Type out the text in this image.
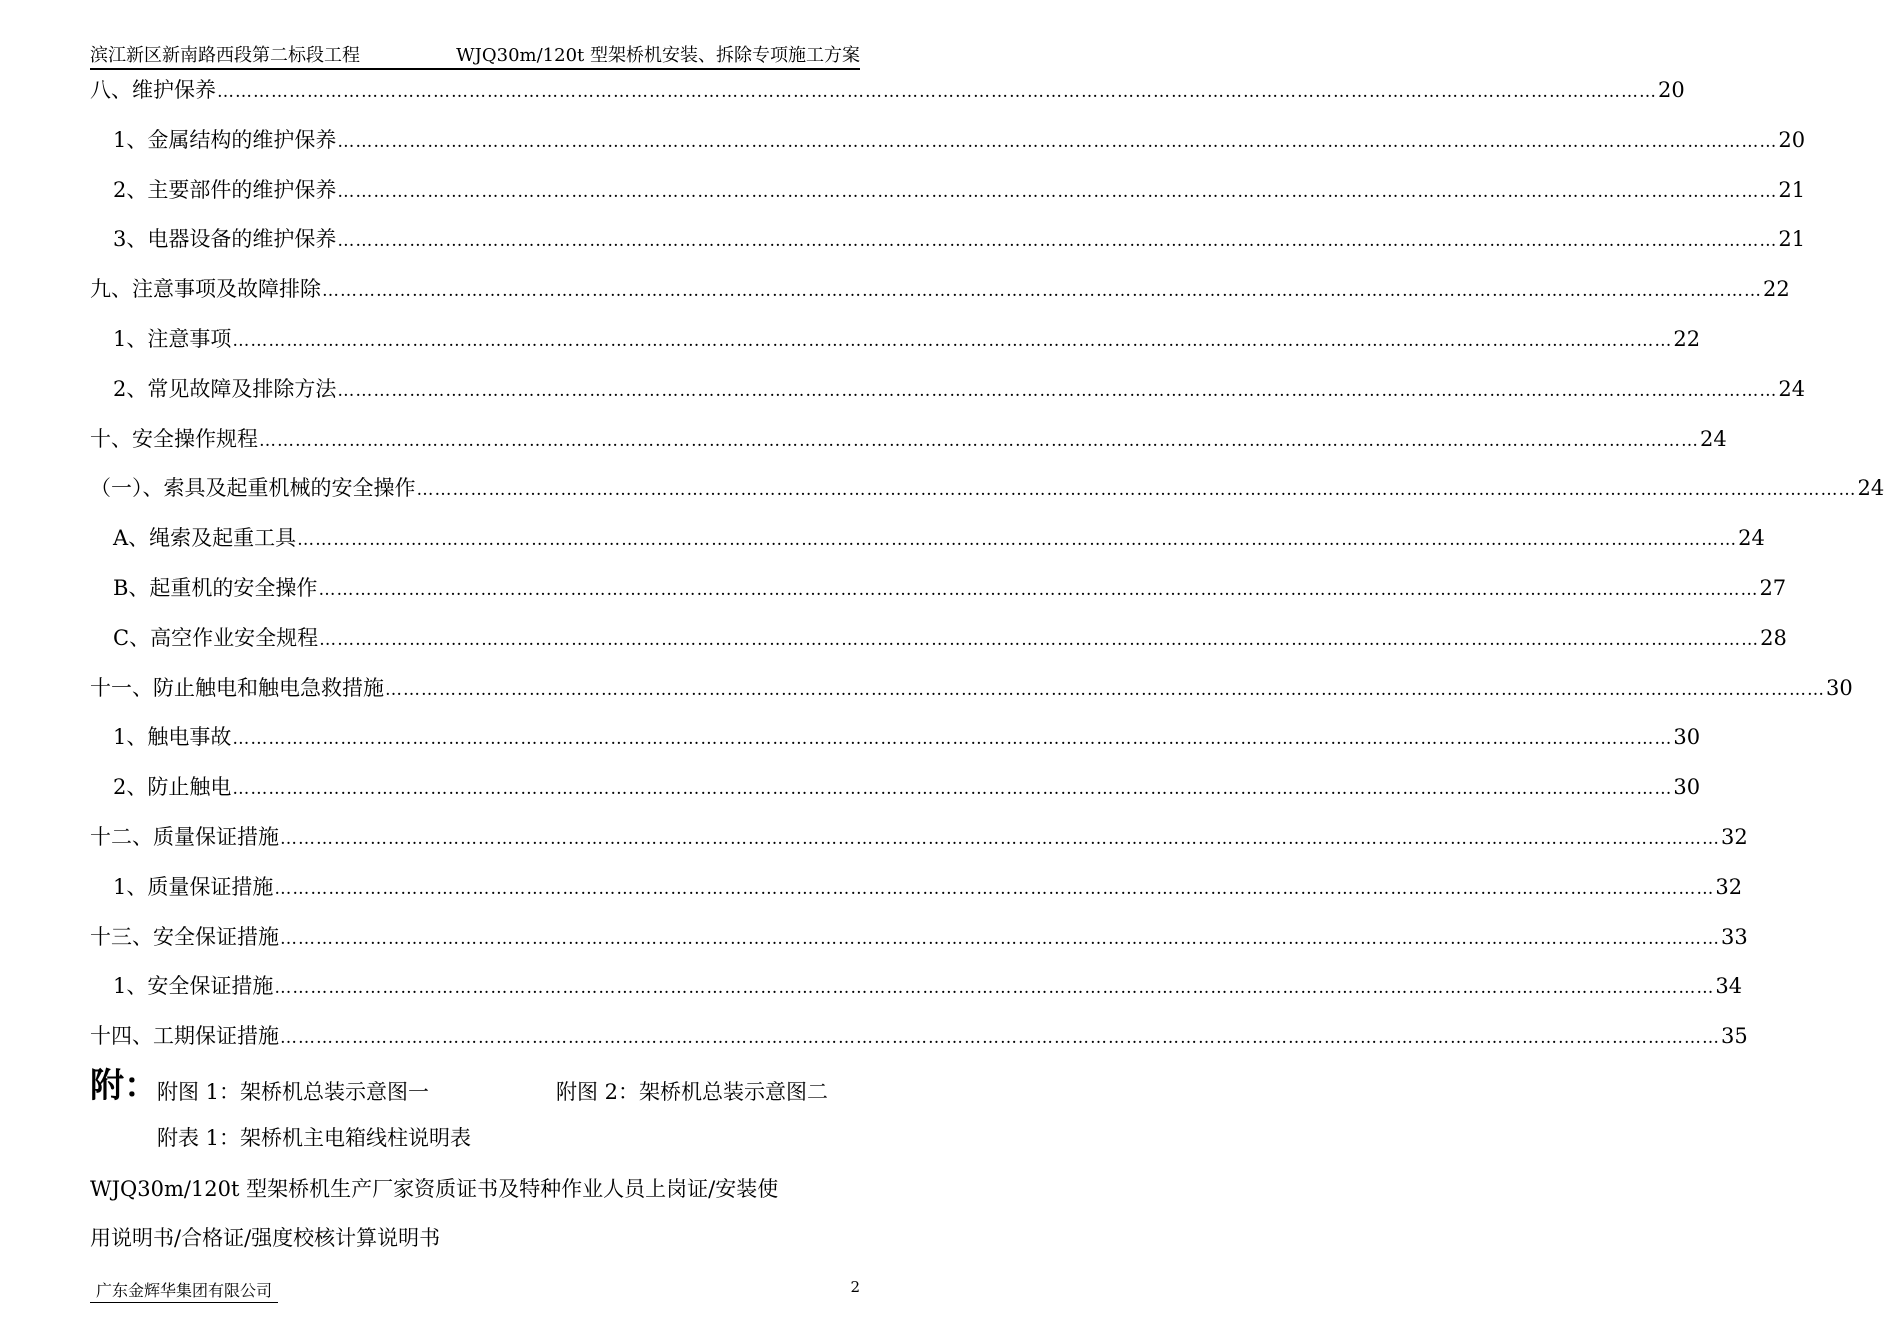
滨江新区新南路西段第二标段工程	WJQ30m/120t 型架桥机安装、拆除专项施工方案
八、维护保养 …………………………………………………………………………………………………………………………………………………………………………………………………………………… 20
1、金属结构的维护保养 …………………………………………………………………………………………………………………………………………………………………………………………………………………… 20
2、主要部件的维护保养 …………………………………………………………………………………………………………………………………………………………………………………………………………………… 21
3、电器设备的维护保养 …………………………………………………………………………………………………………………………………………………………………………………………………………………… 21
九、注意事项及故障排除 …………………………………………………………………………………………………………………………………………………………………………………………………………………… 22
1、注意事项 …………………………………………………………………………………………………………………………………………………………………………………………………………………… 22
2、常见故障及排除方法 …………………………………………………………………………………………………………………………………………………………………………………………………………………… 24
十、安全操作规程 …………………………………………………………………………………………………………………………………………………………………………………………………………………… 24
（一）、索具及起重机械的安全操作 …………………………………………………………………………………………………………………………………………………………………………………………………………………… 24
A、绳索及起重工具 …………………………………………………………………………………………………………………………………………………………………………………………………………………… 24
B、起重机的安全操作 …………………………………………………………………………………………………………………………………………………………………………………………………………………… 27
C、高空作业安全规程 …………………………………………………………………………………………………………………………………………………………………………………………………………………… 28
十一、防止触电和触电急救措施 …………………………………………………………………………………………………………………………………………………………………………………………………………………… 30
1、触电事故 …………………………………………………………………………………………………………………………………………………………………………………………………………………… 30
2、防止触电 …………………………………………………………………………………………………………………………………………………………………………………………………………………… 30
十二、质量保证措施 …………………………………………………………………………………………………………………………………………………………………………………………………………………… 32
1、质量保证措施 …………………………………………………………………………………………………………………………………………………………………………………………………………………… 32
十三、安全保证措施 …………………………………………………………………………………………………………………………………………………………………………………………………………………… 33
1、安全保证措施 …………………………………………………………………………………………………………………………………………………………………………………………………………………… 34
十四、工期保证措施 …………………………………………………………………………………………………………………………………………………………………………………………………………………… 35
附： 附图 1：架桥机总装示意图一	附图 2：架桥机总装示意图二
附表 1：架桥机主电箱线柱说明表
WJQ30m/120t 型架桥机生产厂家资质证书及特种作业人员上岗证/安装使
用说明书/合格证/强度校核计算说明书
广东金辉华集团有限公司	2
